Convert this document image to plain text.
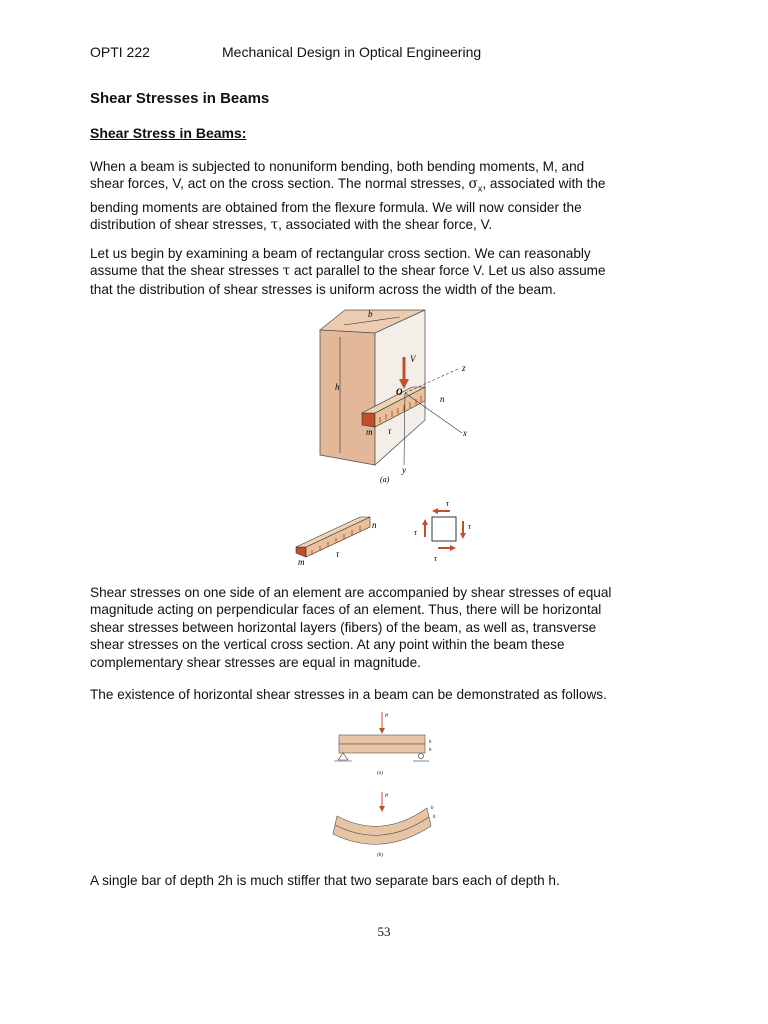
OPTI 222	Mechanical Design in Optical Engineering
Shear Stresses in Beams
Shear Stress in Beams:

When a beam is subjected to nonuniform bending, both bending moments, M, and
shear forces, V, act on the cross section. The normal stresses, $\sigma_x$, associated with the
bending moments are obtained from the flexure formula. We will now consider the
distribution of shear stresses, τ, associated with the shear force, V.

Let us begin by examining a beam of rectangular cross section. We can reasonably
assume that the shear stresses τ act parallel to the shear force V. Let us also assume
that the distribution of shear stresses is uniform across the width of the beam.

h
b
V
z
x
y
O
n
m τ
(a)
n
m
τ
τ
τ
τ
τ

Shear stresses on one side of an element are accompanied by shear stresses of equal
magnitude acting on perpendicular faces of an element. Thus, there will be horizontal
shear stresses between horizontal layers (fibers) of the beam, as well as, transverse
shear stresses on the vertical cross section. At any point within the beam these
complementary shear stresses are equal in magnitude.

The existence of horizontal shear stresses in a beam can be demonstrated as follows.

P
h
h
(a)
P
h
h
(b)

A single bar of depth 2h is much stiffer that two separate bars each of depth h.

53
